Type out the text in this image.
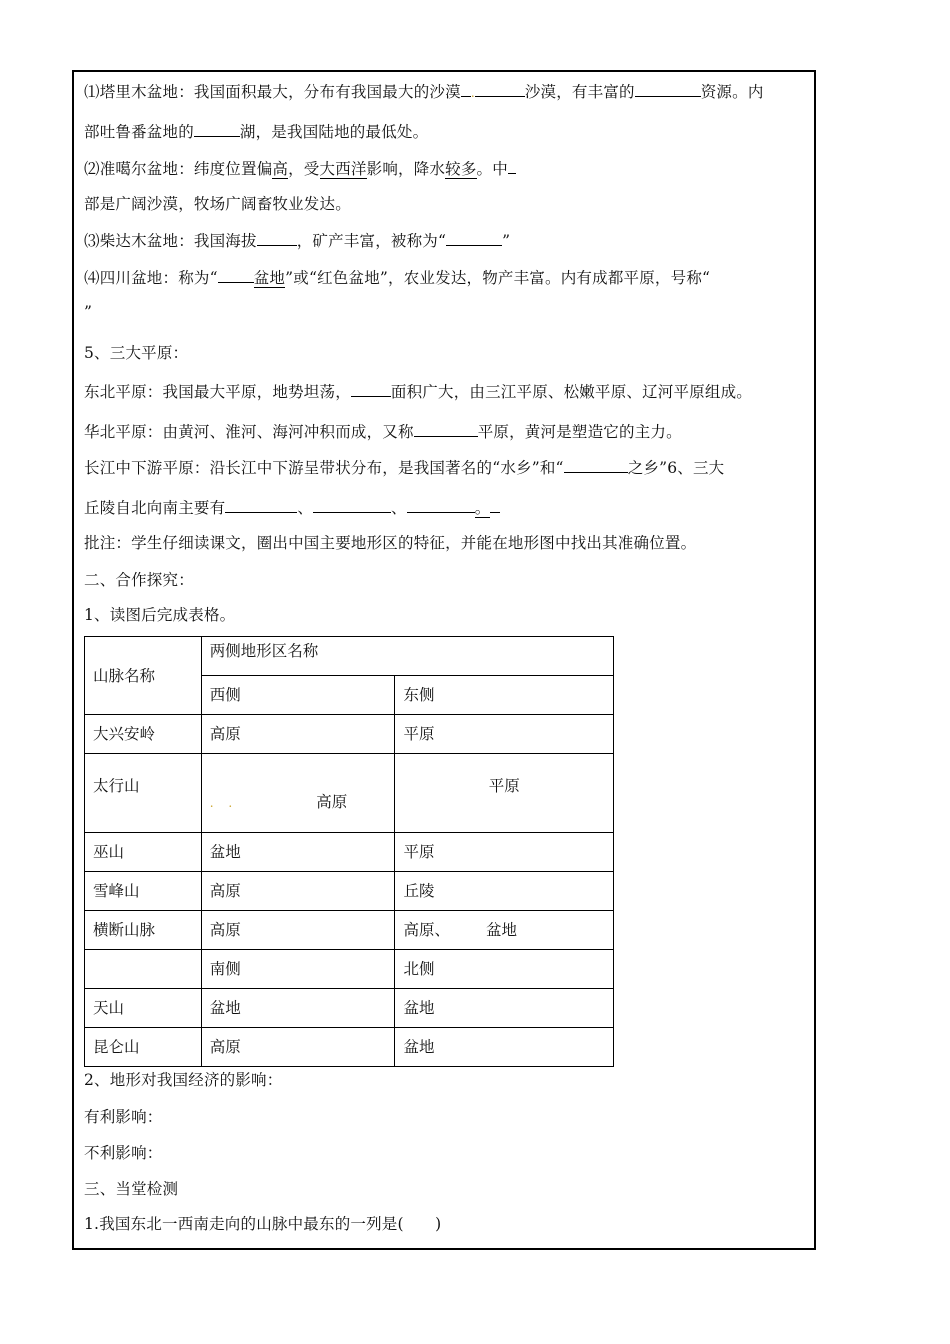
⑴塔里木盆地：我国面积最大，分布有我国最大的沙漠 .	沙漠，有丰富的	资源。内
部吐鲁番盆地的	湖，是我国陆地的最低处。
⑵准噶尔盆地：纬度位置偏高，受大西洋影响，降水较多。中
部是广阔沙漠，牧场广阔畜牧业发达。
⑶柴达木盆地：我国海拔	，矿产丰富，被称为“	”
⑷四川盆地：称为“ 盆地”或“红色盆地”，农业发达，物产丰富。内有成都平原，号称“
”
5、三大平原：
东北平原：我国最大平原，地势坦荡，	面积广大，由三江平原、松嫩平原、辽河平原组成。
华北平原：由黄河、淮河、海河冲积而成，又称	平原，黄河是塑造它的主力。
长江中下游平原：沿长江中下游呈带状分布，是我国著名的“水乡”和“	之乡”6、三大
丘陵自北向南主要有	、	、	。
批注：学生仔细读课文，圈出中国主要地形区的特征，并能在地形图中找出其准确位置。
二、合作探究：
1、读图后完成表格。
山脉名称	两侧地形区名称	

	西侧	东侧

大兴安岭	高原	平原

太行山	. . 高原	平原

巫山	盆地	平原

雪峰山	高原	丘陵

横断山脉	高原	高原、 盆地

	南侧	北侧

天山	盆地	盆地

昆仑山	高原	盆地
2、地形对我国经济的影响：
有利影响：
不利影响：
三、当堂检测
1.我国东北一西南走向的山脉中最东的一列是(　　)
